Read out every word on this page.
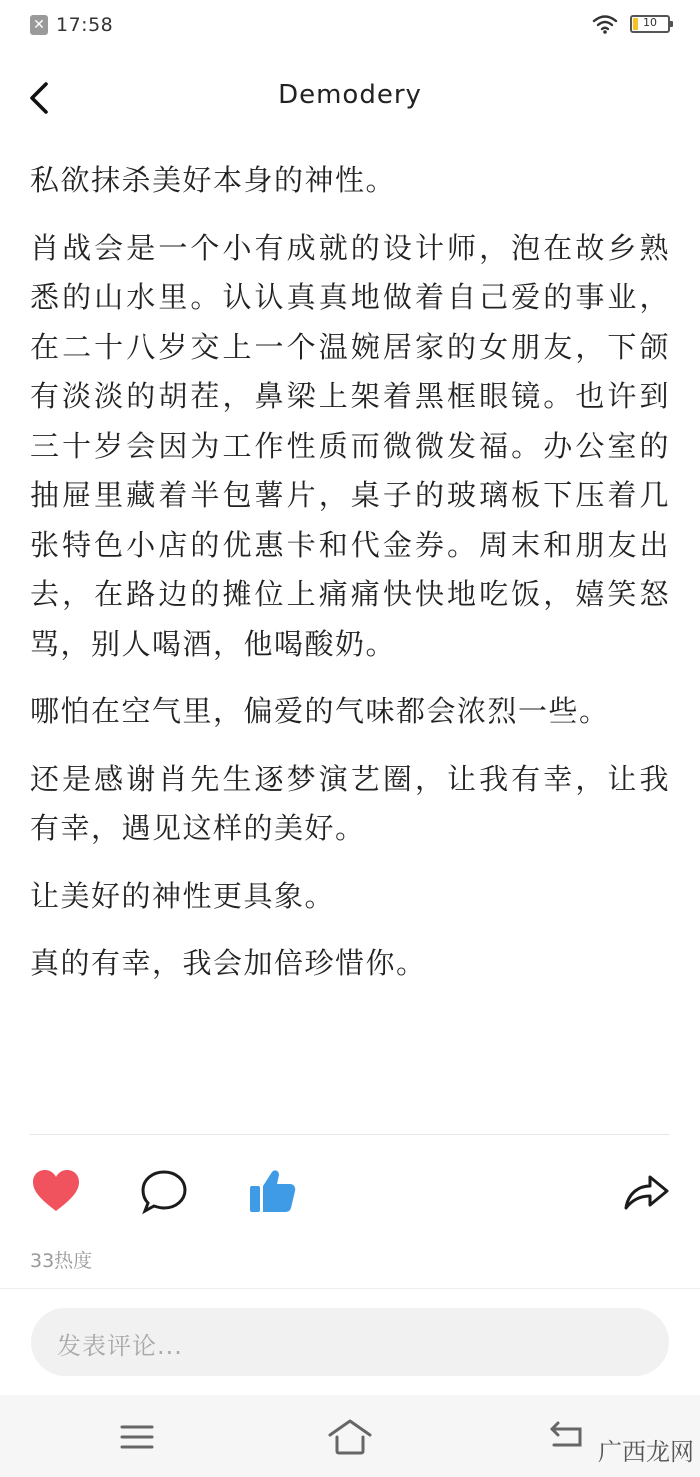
✕ 17:58	10
Demodery

私欲抹杀美好本身的神性。

肖战会是一个小有成就的设计师，泡在故乡熟悉的山水里。认认真真地做着自己爱的事业，在二十八岁交上一个温婉居家的女朋友，下颌有淡淡的胡茬，鼻梁上架着黑框眼镜。也许到三十岁会因为工作性质而微微发福。办公室的抽屉里藏着半包薯片，桌子的玻璃板下压着几张特色小店的优惠卡和代金券。周末和朋友出去，在路边的摊位上痛痛快快地吃饭，嬉笑怒骂，别人喝酒，他喝酸奶。

哪怕在空气里，偏爱的气味都会浓烈一些。

还是感谢肖先生逐梦演艺圈，让我有幸，让我有幸，遇见这样的美好。

让美好的神性更具象。

真的有幸，我会加倍珍惜你。

33热度
发表评论...
广西龙网
